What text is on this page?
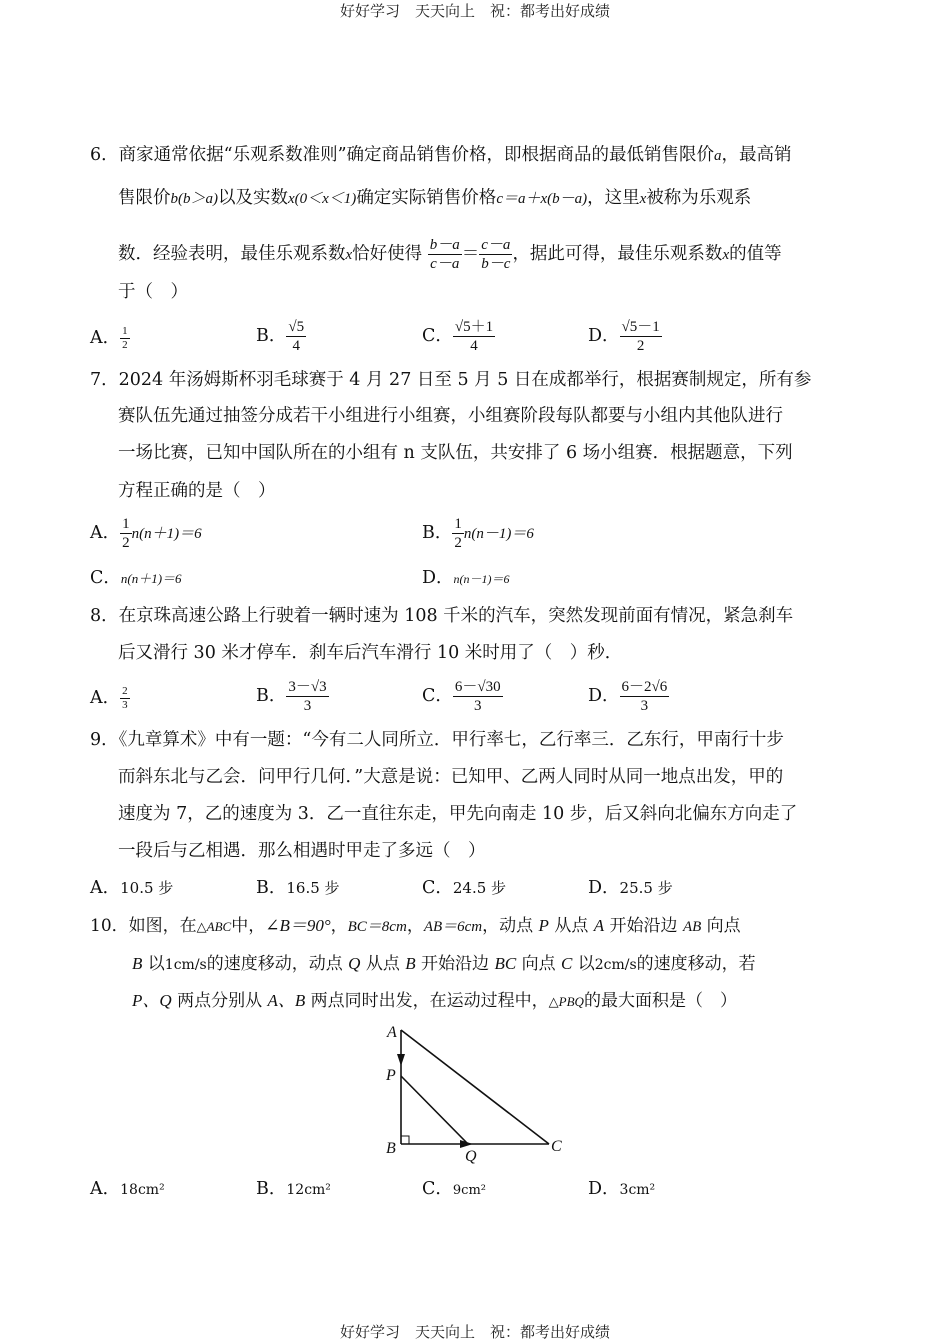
好好学习　天天向上　祝：都考出好成绩
6．商家通常依据“乐观系数准则”确定商品销售价格，即根据商品的最低销售限价a，最高销
售限价b(b＞a)以及实数x(0＜x＜1)确定实际销售价格c＝a＋x(b－a)，这里x被称为乐观系
数．经验表明，最佳乐观系数x恰好使得 $\frac{b-a}{c-a} = \frac{c-a}{b-c}$ ，据此可得，最佳乐观系数x的值等
于（　）
A． $\frac{1}{2}$	B． $\frac{√5}{4}$	C． $\frac{√5+1}{4}$	D． $\frac{√5-1}{2}$
7．2024 年汤姆斯杯羽毛球赛于 4 月 27 日至 5 月 5 日在成都举行，根据赛制规定，所有参
赛队伍先通过抽签分成若干小组进行小组赛，小组赛阶段每队都要与小组内其他队进行
一场比赛，已知中国队所在的小组有 n 支队伍，共安排了 6 场小组赛．根据题意，下列
方程正确的是（　）
A． $\frac{1}{2} n(n+1)=6$	B． $\frac{1}{2} n(n-1)=6$
C．n(n＋1)＝6	D．n(n－1)＝6
8．在京珠高速公路上行驶着一辆时速为 108 千米的汽车，突然发现前面有情况，紧急刹车
后又滑行 30 米才停车．刹车后汽车滑行 10 米时用了（　）秒．
A． $\frac{2}{3}$	B． $\frac{3-√3}{3}$	C． $\frac{6-√30}{3}$	D． $\frac{6-2√6}{3}$
9．《九章算术》中有一题：“今有二人同所立．甲行率七，乙行率三．乙东行，甲南行十步
而斜东北与乙会．问甲行几何．”大意是说：已知甲、乙两人同时从同一地点出发，甲的
速度为 7，乙的速度为 3．乙一直往东走，甲先向南走 10 步，后又斜向北偏东方向走了
一段后与乙相遇．那么相遇时甲走了多远（　）
A．10.5 步	B．16.5 步	C．24.5 步	D．25.5 步
10．如图，在△ABC中，∠B＝90°，BC＝8cm，AB＝6cm，动点 P 从点 A 开始沿边 AB 向点
B 以1cm/s的速度移动，动点 Q 从点 B 开始沿边 BC 向点 C 以2cm/s的速度移动，若
P、Q 两点分别从 A、B 两点同时出发，在运动过程中，△PBQ的最大面积是（　）
A
P
B	Q
C
A．18cm²	B．12cm²	C．9cm²	D．3cm²
好好学习　天天向上　祝：都考出好成绩
